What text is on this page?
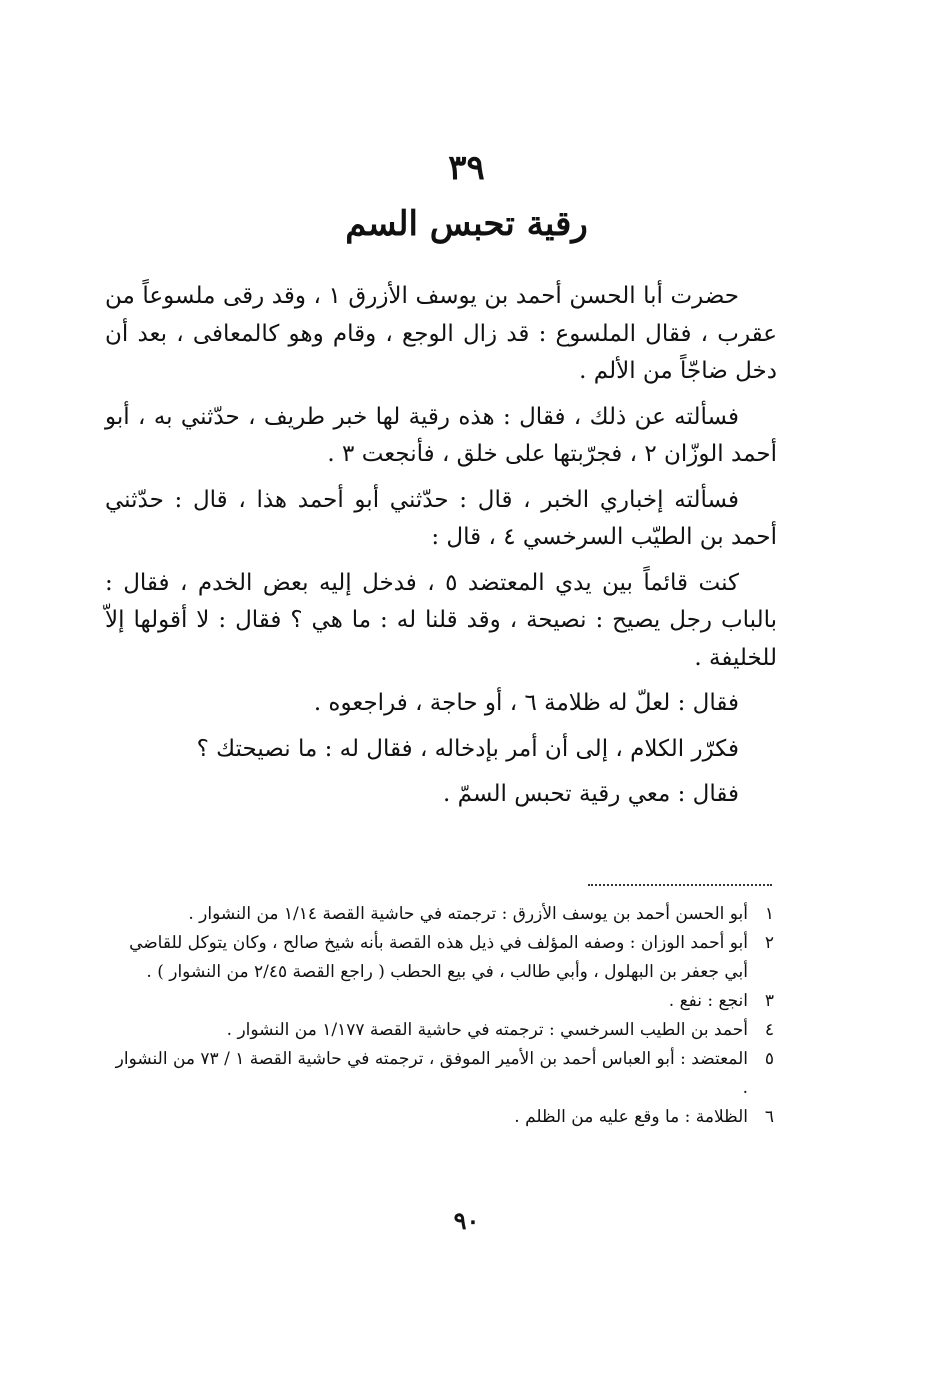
٣٩
رقية تحبس السم

حضرت أبا الحسن أحمد بن يوسف الأزرق ١ ، وقد رقى ملسوعاً من عقرب ، فقال الملسوع : قد زال الوجع ، وقام وهو كالمعافى ، بعد أن دخل ضاجّاً من الألم .

فسألته عن ذلك ، فقال : هذه رقية لها خبر طريف ، حدّثني به ، أبو أحمد الوزّان ٢ ، فجرّبتها على خلق ، فأنجعت ٣ .

فسألته إخباري الخبر ، قال : حدّثني أبو أحمد هذا ، قال : حدّثني أحمد بن الطيّب السرخسي ٤ ، قال :

كنت قائماً بين يدي المعتضد ٥ ، فدخل إليه بعض الخدم ، فقال : بالباب رجل يصيح : نصيحة ، وقد قلنا له : ما هي ؟ فقال : لا أقولها إلاّ للخليفة .

فقال : لعلّ له ظلامة ٦ ، أو حاجة ، فراجعوه .

فكرّر الكلام ، إلى أن أمر بإدخاله ، فقال له : ما نصيحتك ؟

فقال : معي رقية تحبس السمّ .

١
أبو الحسن أحمد بن يوسف الأزرق : ترجمته في حاشية القصة ١/١٤ من النشوار .
٢
أبو أحمد الوزان : وصفه المؤلف في ذيل هذه القصة بأنه شيخ صالح ، وكان يتوكل للقاضي أبي جعفر بن البهلول ، وأبي طالب ، في بيع الحطب ( راجع القصة ٢/٤٥ من النشوار ) .
٣
انجع : نفع .
٤
أحمد بن الطيب السرخسي : ترجمته في حاشية القصة ١/١٧٧ من النشوار .
٥
المعتضد : أبو العباس أحمد بن الأمير الموفق ، ترجمته في حاشية القصة ١ / ٧٣ من النشوار .
٦
الظلامة : ما وقع عليه من الظلم .
٩٠
